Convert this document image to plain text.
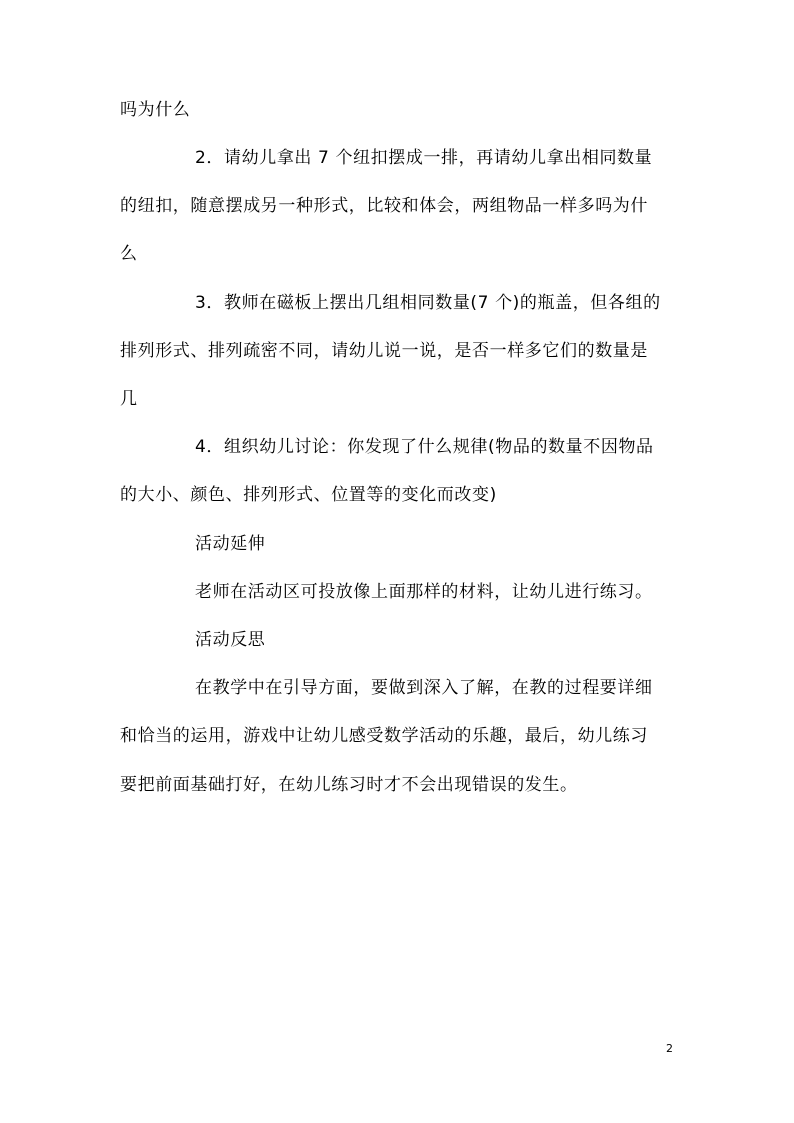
吗为什么
2．请幼儿拿出 7 个纽扣摆成一排，再请幼儿拿出相同数量
的纽扣，随意摆成另一种形式，比较和体会，两组物品一样多吗为什
么
3．教师在磁板上摆出几组相同数量(7 个)的瓶盖，但各组的
排列形式、排列疏密不同，请幼儿说一说，是否一样多它们的数量是
几
4．组织幼儿讨论：你发现了什么规律(物品的数量不因物品
的大小、颜色、排列形式、位置等的变化而改变)
活动延伸
老师在活动区可投放像上面那样的材料，让幼儿进行练习。
活动反思
在教学中在引导方面，要做到深入了解，在教的过程要详细
和恰当的运用，游戏中让幼儿感受数学活动的乐趣，最后，幼儿练习
要把前面基础打好，在幼儿练习时才不会出现错误的发生。
2
